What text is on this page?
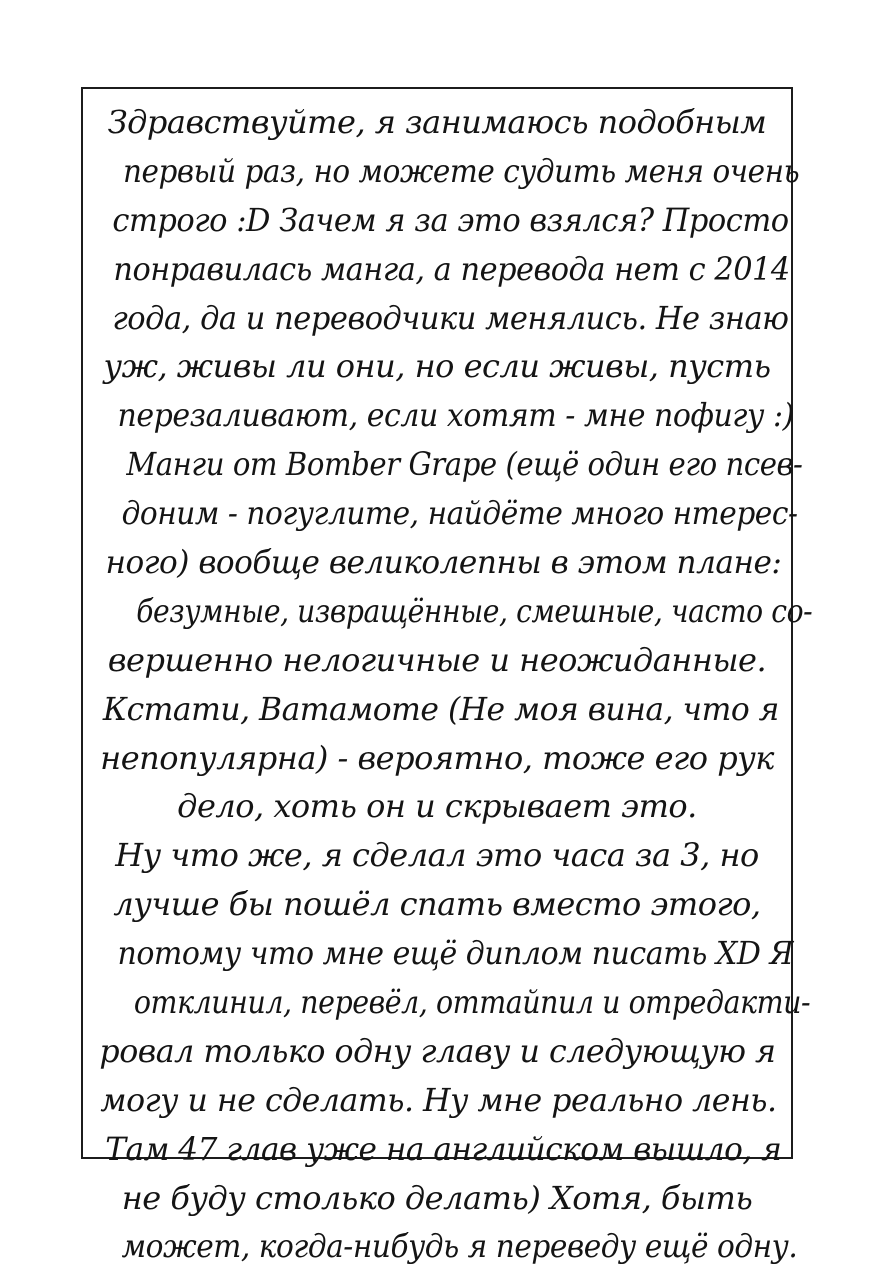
Здравствуйте, я занимаюсь подобным
первый раз, но можете судить меня очень
строго :D Зачем я за это взялся? Просто
понравилась манга, а перевода нет с 2014
года, да и переводчики менялись. Не знаю
уж, живы ли они, но если живы, пусть
перезаливают, если хотят - мне пофигу :)
Манги от Bomber Grape (ещё один его псев-
доним - погуглите, найдёте много нтерес-
ного) вообще великолепны в этом плане:
безумные, извращённые, смешные, часто со-
вершенно нелогичные и неожиданные.
Кстати, Ватамоте (Не моя вина, что я
непопулярна) - вероятно, тоже его рук
дело, хоть он и скрывает это.
Ну что же, я сделал это часа за 3, но
лучше бы пошёл спать вместо этого,
потому что мне ещё диплом писать XD Я
отклинил, перевёл, оттайпил и отредакти-
ровал только одну главу и следующую я
могу и не сделать. Ну мне реально лень.
Там 47 глав уже на английском вышло, я
не буду столько делать) Хотя, быть
может, когда-нибудь я переведу ещё одну.
